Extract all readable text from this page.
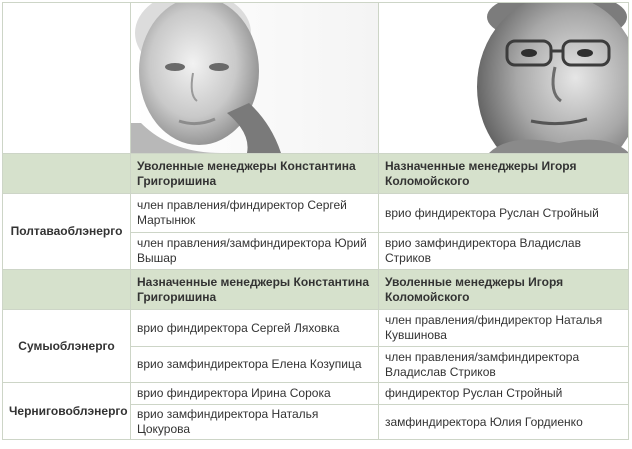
	Уволенные менеджеры Константина Григоришина	Назначенные менеджеры Игоря Коломойского
Полтаваоблэнерго	член правления/финдиректор Сергей Мартынюк	врио финдиректора Руслан Стройный
	член правления/замфиндиректора Юрий Вышар	врио замфиндиректора Владислав Стриков
	Назначенные менеджеры Константина Григоришина	Уволенные менеджеры Игоря Коломойского
Сумыоблэнерго	врио финдиректора Сергей Ляховка	член правления/финдиректор Наталья Кувшинова
	врио замфиндиректора Елена Козупица	член правления/замфиндиректора Владислав Стриков
Черниговоблэнерго	врио финдиректора Ирина Сорока	финдиректор Руслан Стройный
	врио замфиндиректора Наталья Цокурова	замфиндиректора Юлия Гордиенко
